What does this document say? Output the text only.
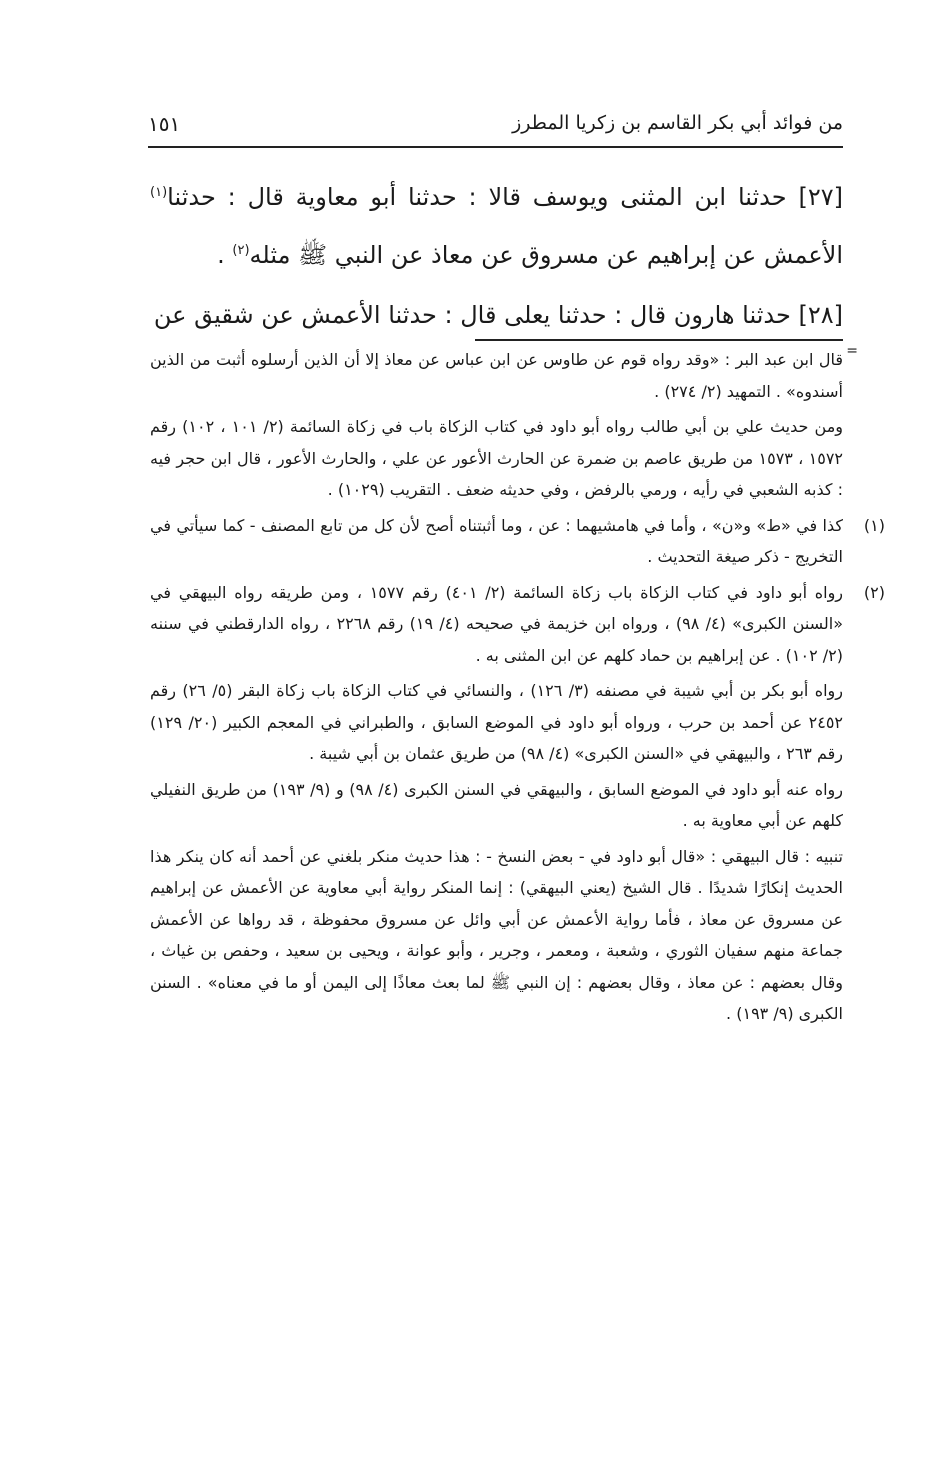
من فوائد أبي بكر القاسم بن زكريا المطرز
١٥١

[٢٧] حدثنا ابن المثنى ويوسف قالا : حدثنا أبو معاوية قال : حدثنا$^{(١)}$ الأعمش عن إبراهيم عن مسروق عن معاذ عن النبي ﷺ مثله$^{(٢)}$ .

[٢٨] حدثنا هارون قال : حدثنا يعلى قال : حدثنا الأعمش عن شقيق عن

=

قال ابن عبد البر : «وقد رواه قوم عن طاوس عن ابن عباس عن معاذ إلا أن الذين أرسلوه أثبت من الذين أسندوه» . التمهيد (٢/ ٢٧٤) .

ومن حديث علي بن أبي طالب رواه أبو داود في كتاب الزكاة باب في زكاة السائمة (٢/ ١٠١ ، ١٠٢) رقم ١٥٧٢ ، ١٥٧٣ من طريق عاصم بن ضمرة عن الحارث الأعور عن علي ، والحارث الأعور ، قال ابن حجر فيه : كذبه الشعبي في رأيه ، ورمي بالرفض ، وفي حديثه ضعف . التقريب (١٠٢٩) .

(١)
كذا في «ط» و«ن» ، وأما في هامشيهما : عن ، وما أثبتناه أصح لأن كل من تابع المصنف - كما سيأتي في التخريج - ذكر صيغة التحديث .

(٢)
رواه أبو داود في كتاب الزكاة باب زكاة السائمة (٢/ ٤٠١) رقم ١٥٧٧ ، ومن طريقه رواه البيهقي في «السنن الكبرى» (٤/ ٩٨) ، ورواه ابن خزيمة في صحيحه (٤/ ١٩) رقم ٢٢٦٨ ، رواه الدارقطني في سننه (٢/ ١٠٢) . عن إبراهيم بن حماد كلهم عن ابن المثنى به .

رواه أبو بكر بن أبي شيبة في مصنفه (٣/ ١٢٦) ، والنسائي في كتاب الزكاة باب زكاة البقر (٥/ ٢٦) رقم ٢٤٥٢ عن أحمد بن حرب ، ورواه أبو داود في الموضع السابق ، والطبراني في المعجم الكبير (٢٠/ ١٢٩) رقم ٢٦٣ ، والبيهقي في «السنن الكبرى» (٤/ ٩٨) من طريق عثمان بن أبي شيبة .

رواه عنه أبو داود في الموضع السابق ، والبيهقي في السنن الكبرى (٤/ ٩٨) و (٩/ ١٩٣) من طريق النفيلي كلهم عن أبي معاوية به .

تنبيه : قال البيهقي : «قال أبو داود في - بعض النسخ - : هذا حديث منكر بلغني عن أحمد أنه كان ينكر هذا الحديث إنكارًا شديدًا . قال الشيخ (يعني البيهقي) : إنما المنكر رواية أبي معاوية عن الأعمش عن إبراهيم عن مسروق عن معاذ ، فأما رواية الأعمش عن أبي وائل عن مسروق محفوظة ، قد رواها عن الأعمش جماعة منهم سفيان الثوري ، وشعبة ، ومعمر ، وجرير ، وأبو عوانة ، ويحيى بن سعيد ، وحفص بن غياث ، وقال بعضهم : عن معاذ ، وقال بعضهم : إن النبي ﷺ لما بعث معاذًا إلى اليمن أو ما في معناه» . السنن الكبرى (٩/ ١٩٣) .
